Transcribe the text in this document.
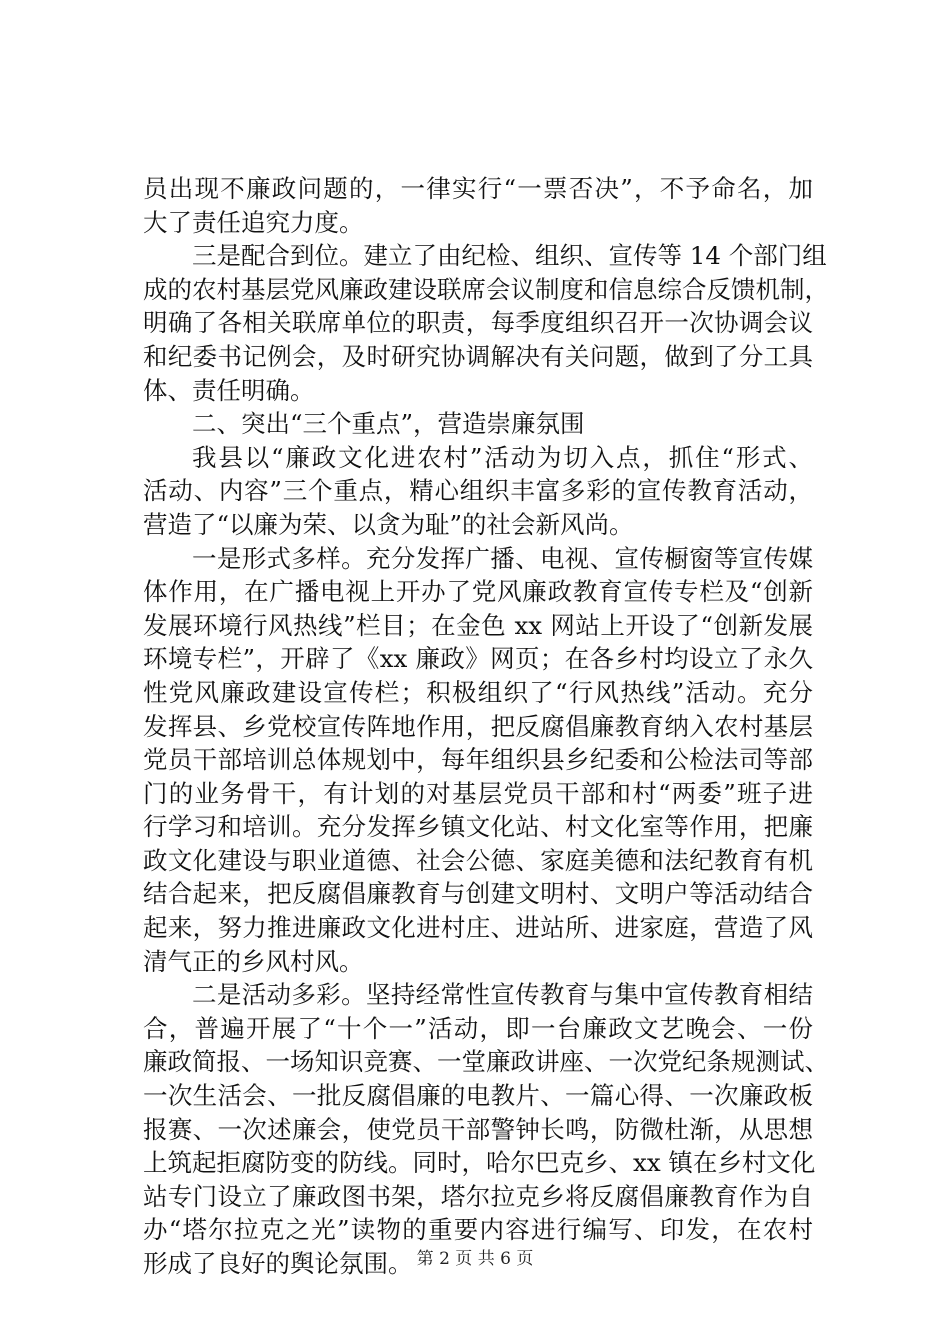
员出现不廉政问题的，一律实行“一票否决”，不予命名，加
大了责任追究力度。
三是配合到位。建立了由纪检、组织、宣传等 14 个部门组
成的农村基层党风廉政建设联席会议制度和信息综合反馈机制，
明确了各相关联席单位的职责，每季度组织召开一次协调会议
和纪委书记例会，及时研究协调解决有关问题，做到了分工具
体、责任明确。
二、突出“三个重点”，营造崇廉氛围
我县以“廉政文化进农村”活动为切入点，抓住“形式、
活动、内容”三个重点，精心组织丰富多彩的宣传教育活动，
营造了“以廉为荣、以贪为耻”的社会新风尚。
一是形式多样。充分发挥广播、电视、宣传橱窗等宣传媒
体作用，在广播电视上开办了党风廉政教育宣传专栏及“创新
发展环境行风热线”栏目；在金色 xx 网站上开设了“创新发展
环境专栏”，开辟了《xx 廉政》网页；在各乡村均设立了永久
性党风廉政建设宣传栏；积极组织了“行风热线”活动。充分
发挥县、乡党校宣传阵地作用，把反腐倡廉教育纳入农村基层
党员干部培训总体规划中，每年组织县乡纪委和公检法司等部
门的业务骨干，有计划的对基层党员干部和村“两委”班子进
行学习和培训。充分发挥乡镇文化站、村文化室等作用，把廉
政文化建设与职业道德、社会公德、家庭美德和法纪教育有机
结合起来，把反腐倡廉教育与创建文明村、文明户等活动结合
起来，努力推进廉政文化进村庄、进站所、进家庭，营造了风
清气正的乡风村风。
二是活动多彩。坚持经常性宣传教育与集中宣传教育相结
合，普遍开展了“十个一”活动，即一台廉政文艺晚会、一份
廉政简报、一场知识竞赛、一堂廉政讲座、一次党纪条规测试、
一次生活会、一批反腐倡廉的电教片、一篇心得、一次廉政板
报赛、一次述廉会，使党员干部警钟长鸣，防微杜渐，从思想
上筑起拒腐防变的防线。同时，哈尔巴克乡、xx 镇在乡村文化
站专门设立了廉政图书架，塔尔拉克乡将反腐倡廉教育作为自
办“塔尔拉克之光”读物的重要内容进行编写、印发，在农村
形成了良好的舆论氛围。 第 2 页 共 6 页
